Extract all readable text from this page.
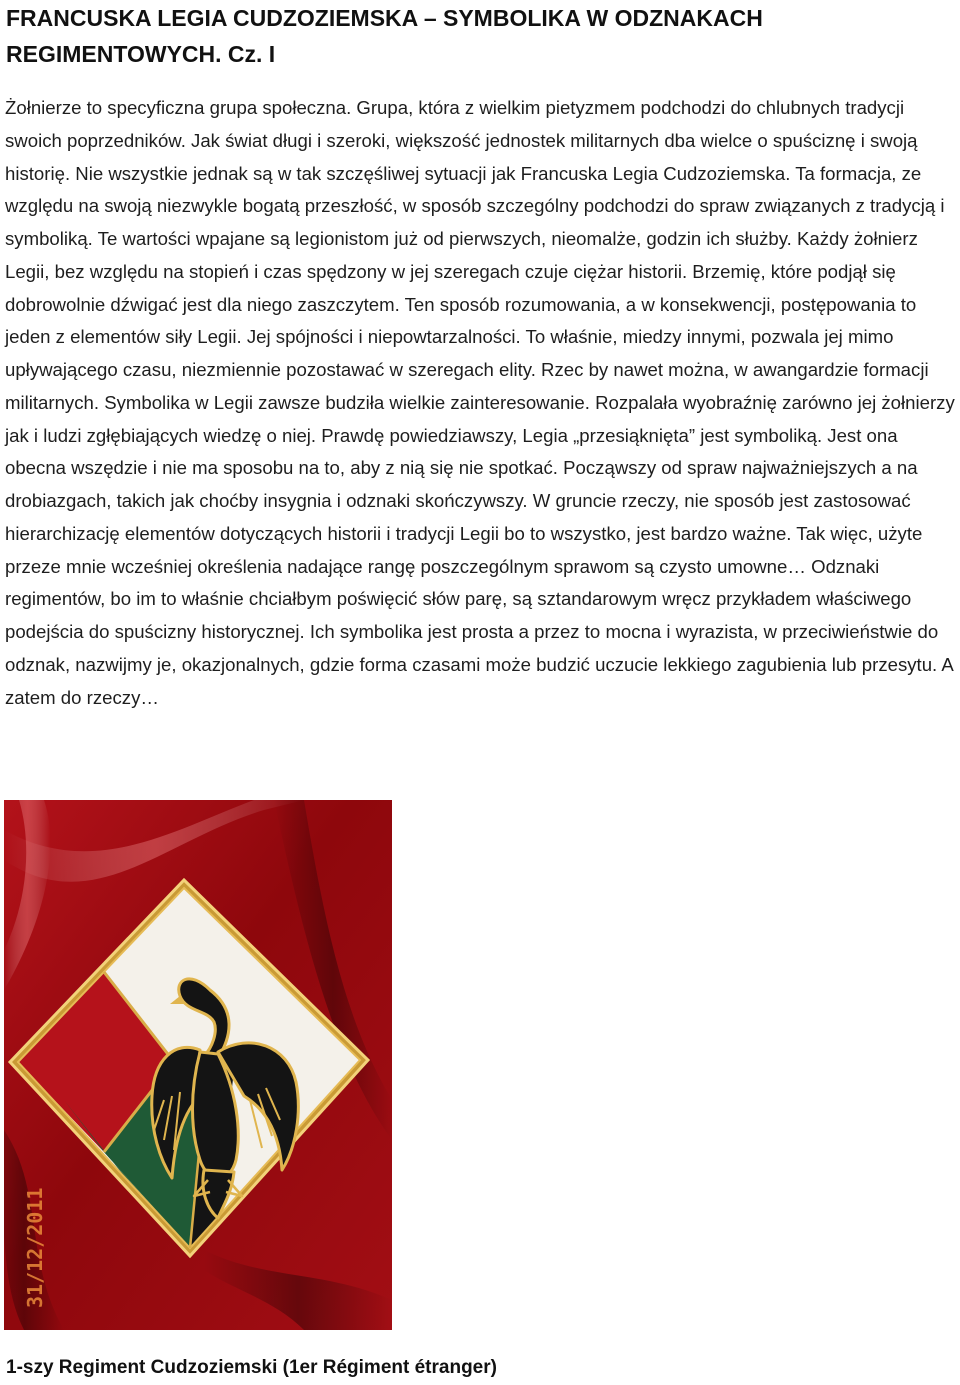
FRANCUSKA LEGIA CUDZOZIEMSKA – SYMBOLIKA W ODZNAKACH REGIMENTOWYCH. Cz. I

Żołnierze to specyficzna grupa społeczna. Grupa, która z wielkim pietyzmem podchodzi do chlubnych tradycji swoich poprzedników. Jak świat długi i szeroki, większość jednostek militarnych dba wielce o spuściznę i swoją historię. Nie wszystkie jednak są w tak szczęśliwej sytuacji jak Francuska Legia Cudzoziemska. Ta formacja, ze względu na swoją niezwykle bogatą przeszłość, w sposób szczególny podchodzi do spraw związanych z tradycją i symboliką. Te wartości wpajane są legionistom już od pierwszych, nieomalże, godzin ich służby. Każdy żołnierz Legii, bez względu na stopień i czas spędzony w jej szeregach czuje ciężar historii. Brzemię, które podjął się dobrowolnie dźwigać jest dla niego zaszczytem. Ten sposób rozumowania, a w konsekwencji, postępowania to jeden z elementów siły Legii. Jej spójności i niepowtarzalności. To właśnie, miedzy innymi, pozwala jej mimo upływającego czasu, niezmiennie pozostawać w szeregach elity. Rzec by nawet można, w awangardzie formacji militarnych. Symbolika w Legii zawsze budziła wielkie zainteresowanie. Rozpalała wyobraźnię zarówno jej żołnierzy jak i ludzi zgłębiających wiedzę o niej. Prawdę powiedziawszy, Legia „przesiąknięta” jest symboliką. Jest ona obecna wszędzie i nie ma sposobu na to, aby z nią się nie spotkać. Począwszy od spraw najważniejszych a na drobiazgach, takich jak choćby insygnia i odznaki skończywszy. W gruncie rzeczy, nie sposób jest zastosować hierarchizację elementów dotyczących historii i tradycji Legii bo to wszystko, jest bardzo ważne. Tak więc, użyte przeze mnie wcześniej określenia nadające rangę poszczególnym sprawom są czysto umowne… Odznaki regimentów, bo im to właśnie chciałbym poświęcić słów parę, są sztandarowym wręcz przykładem właściwego podejścia do spuścizny historycznej. Ich symbolika jest prosta a przez to mocna i wyrazista, w przeciwieństwie do odznak, nazwijmy je, okazjonalnych, gdzie forma czasami może budzić uczucie lekkiego zagubienia lub przesytu. A zatem do rzeczy…

31/12/2011

1-szy Regiment Cudzoziemski (1er Régiment étranger)
